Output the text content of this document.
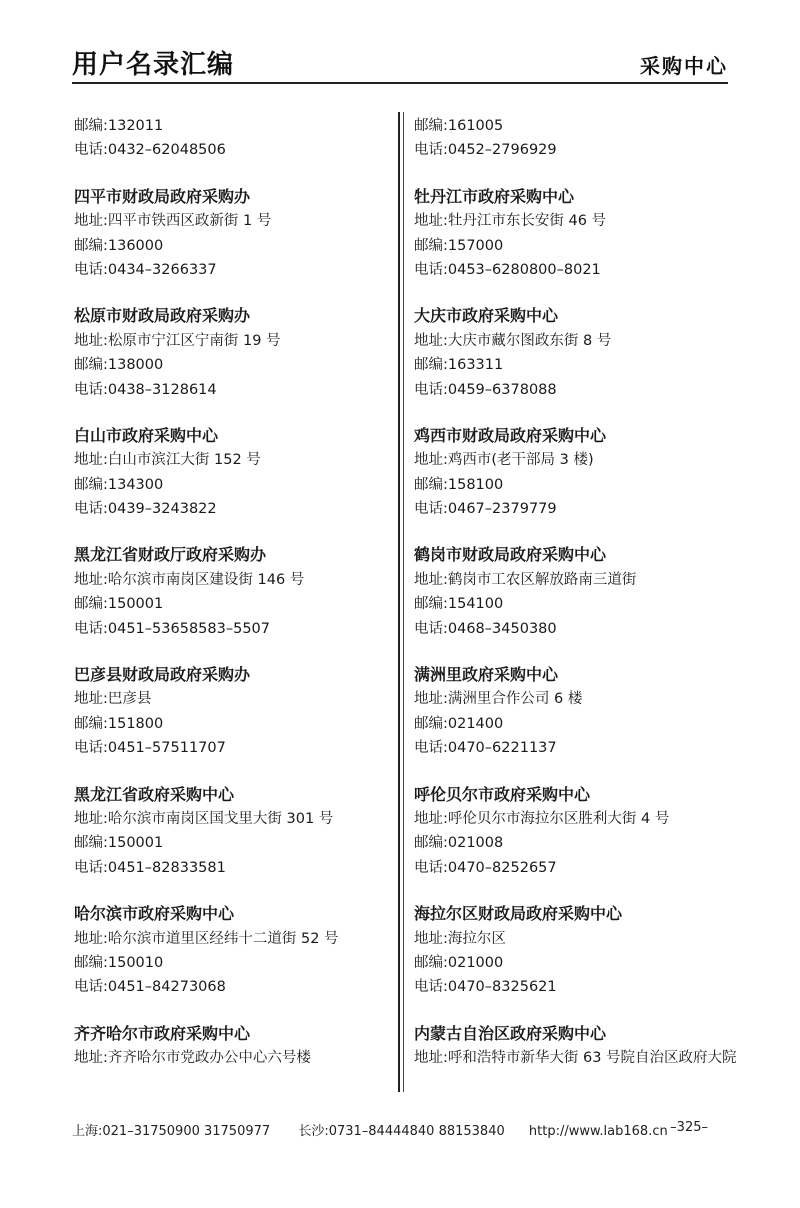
用户名录汇编	采购中心
邮编:132011
电话:0432–62048506
四平市财政局政府采购办
地址:四平市铁西区政新街 1 号
邮编:136000
电话:0434–3266337
松原市财政局政府采购办
地址:松原市宁江区宁南街 19 号
邮编:138000
电话:0438–3128614
白山市政府采购中心
地址:白山市滨江大街 152 号
邮编:134300
电话:0439–3243822
黑龙江省财政厅政府采购办
地址:哈尔滨市南岗区建设街 146 号
邮编:150001
电话:0451–53658583–5507
巴彦县财政局政府采购办
地址:巴彦县
邮编:151800
电话:0451–57511707
黑龙江省政府采购中心
地址:哈尔滨市南岗区国戈里大街 301 号
邮编:150001
电话:0451–82833581
哈尔滨市政府采购中心
地址:哈尔滨市道里区经纬十二道街 52 号
邮编:150010
电话:0451–84273068
齐齐哈尔市政府采购中心
地址:齐齐哈尔市党政办公中心六号楼
邮编:161005
电话:0452–2796929
牡丹江市政府采购中心
地址:牡丹江市东长安街 46 号
邮编:157000
电话:0453–6280800–8021
大庆市政府采购中心
地址:大庆市藏尔图政东街 8 号
邮编:163311
电话:0459–6378088
鸡西市财政局政府采购中心
地址:鸡西市(老干部局 3 楼)
邮编:158100
电话:0467–2379779
鹤岗市财政局政府采购中心
地址:鹤岗市工农区解放路南三道街
邮编:154100
电话:0468–3450380
满洲里政府采购中心
地址:满洲里合作公司 6 楼
邮编:021400
电话:0470–6221137
呼伦贝尔市政府采购中心
地址:呼伦贝尔市海拉尔区胜利大街 4 号
邮编:021008
电话:0470–8252657
海拉尔区财政局政府采购中心
地址:海拉尔区
邮编:021000
电话:0470–8325621
内蒙古自治区政府采购中心
地址:呼和浩特市新华大街 63 号院自治区政府大院
上海:021–31750900 31750977 长沙:0731–84444840 88153840 http://www.lab168.cn –325–
